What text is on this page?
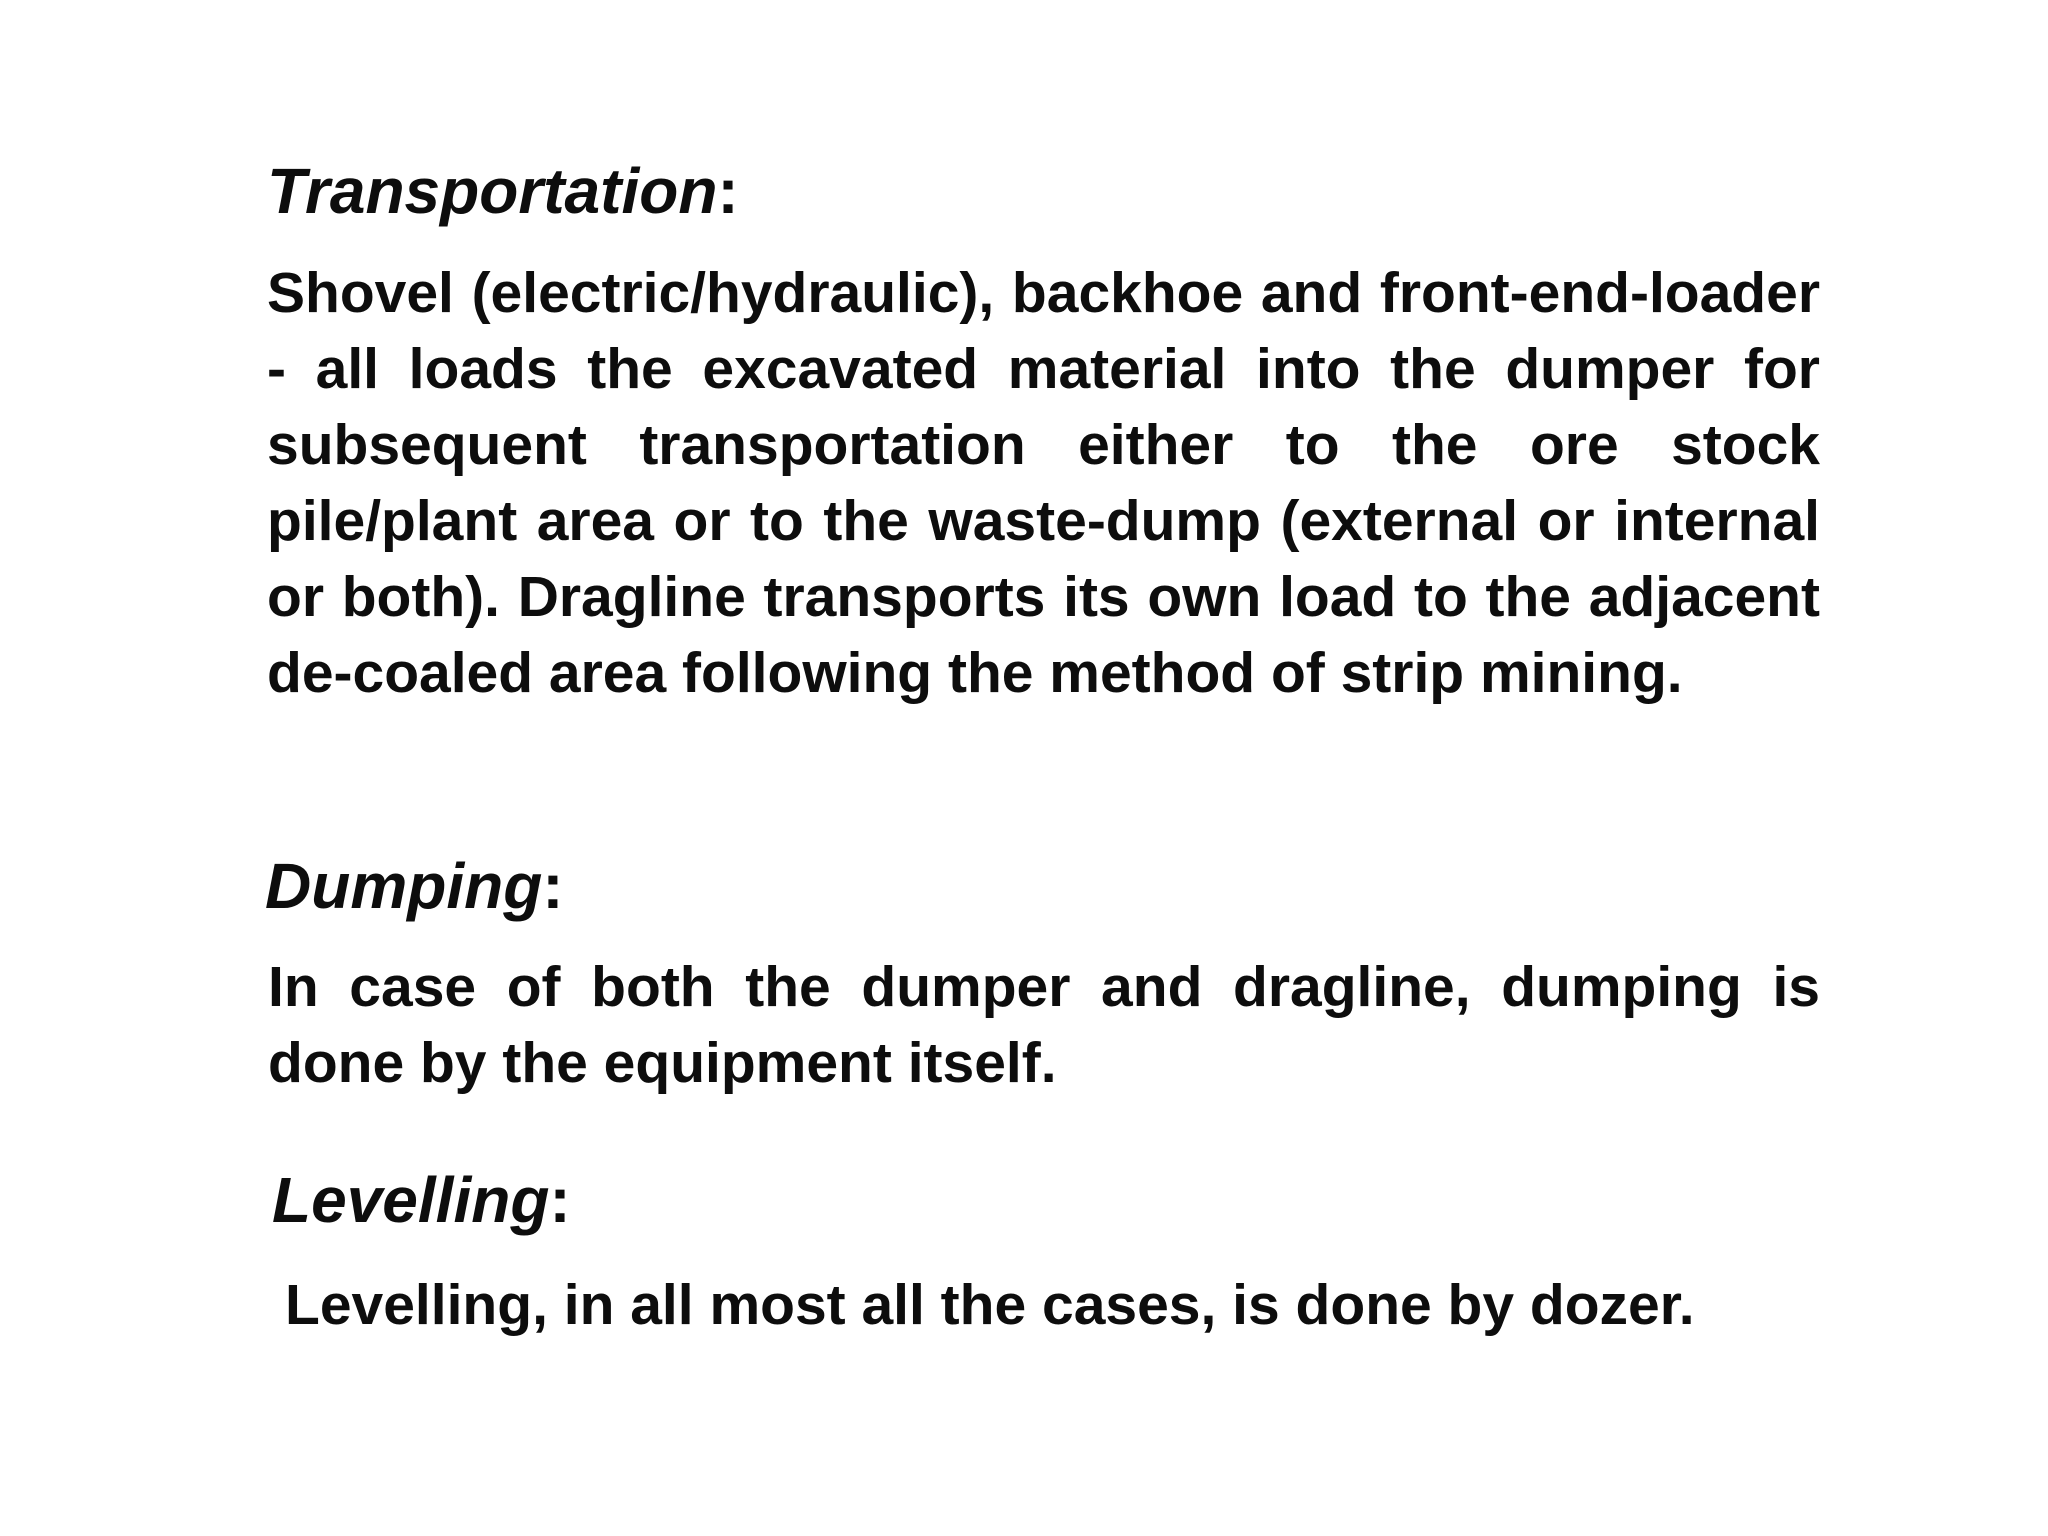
Transportation:

Shovel (electric/hydraulic), backhoe and front-end-loader - all loads the excavated material into the dumper for subsequent transportation either to the ore stock pile/plant area or to the waste-dump (external or internal or both). Dragline transports its own load to the adjacent de-coaled area following the method of strip mining.

Dumping:

In case of both the dumper and dragline, dumping is done by the equipment itself.

Levelling:

Levelling, in all most all the cases, is done by dozer.
